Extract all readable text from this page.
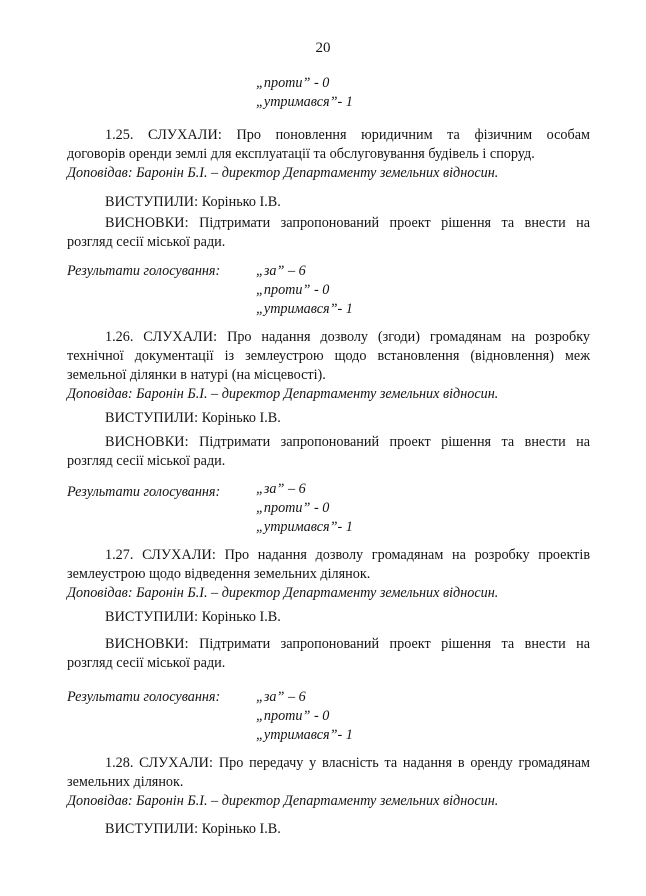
20
„проти” - 0
„утримався”- 1
1.25. СЛУХАЛИ: Про поновлення юридичним та фізичним особам
договорів оренди землі для експлуатації та обслуговування будівель і споруд.
Доповідав: Баронін Б.І. – директор Департаменту земельних відносин.
ВИСТУПИЛИ: Корінько І.В.
ВИСНОВКИ: Підтримати запропонований проект рішення та внести на
розгляд сесії міської ради.
Результати голосування:	„за” – 6
„проти” - 0
„утримався”- 1
1.26. СЛУХАЛИ: Про надання дозволу (згоди) громадянам на розробку
технічної документації із землеустрою щодо встановлення (відновлення) меж
земельної ділянки в натурі (на місцевості).
Доповідав: Баронін Б.І. – директор Департаменту земельних відносин.
ВИСТУПИЛИ: Корінько І.В.
ВИСНОВКИ: Підтримати запропонований проект рішення та внести на
розгляд сесії міської ради.
Результати голосування:	„за” – 6
„проти” - 0
„утримався”- 1
1.27. СЛУХАЛИ: Про надання дозволу громадянам на розробку проектів
землеустрою щодо відведення земельних ділянок.
Доповідав: Баронін Б.І. – директор Департаменту земельних відносин.
ВИСТУПИЛИ: Корінько І.В.
ВИСНОВКИ: Підтримати запропонований проект рішення та внести на
розгляд сесії міської ради.
Результати голосування:	„за” – 6
„проти” - 0
„утримався”- 1
1.28. СЛУХАЛИ: Про передачу у власність та надання в оренду громадянам
земельних ділянок.
Доповідав: Баронін Б.І. – директор Департаменту земельних відносин.
ВИСТУПИЛИ: Корінько І.В.
